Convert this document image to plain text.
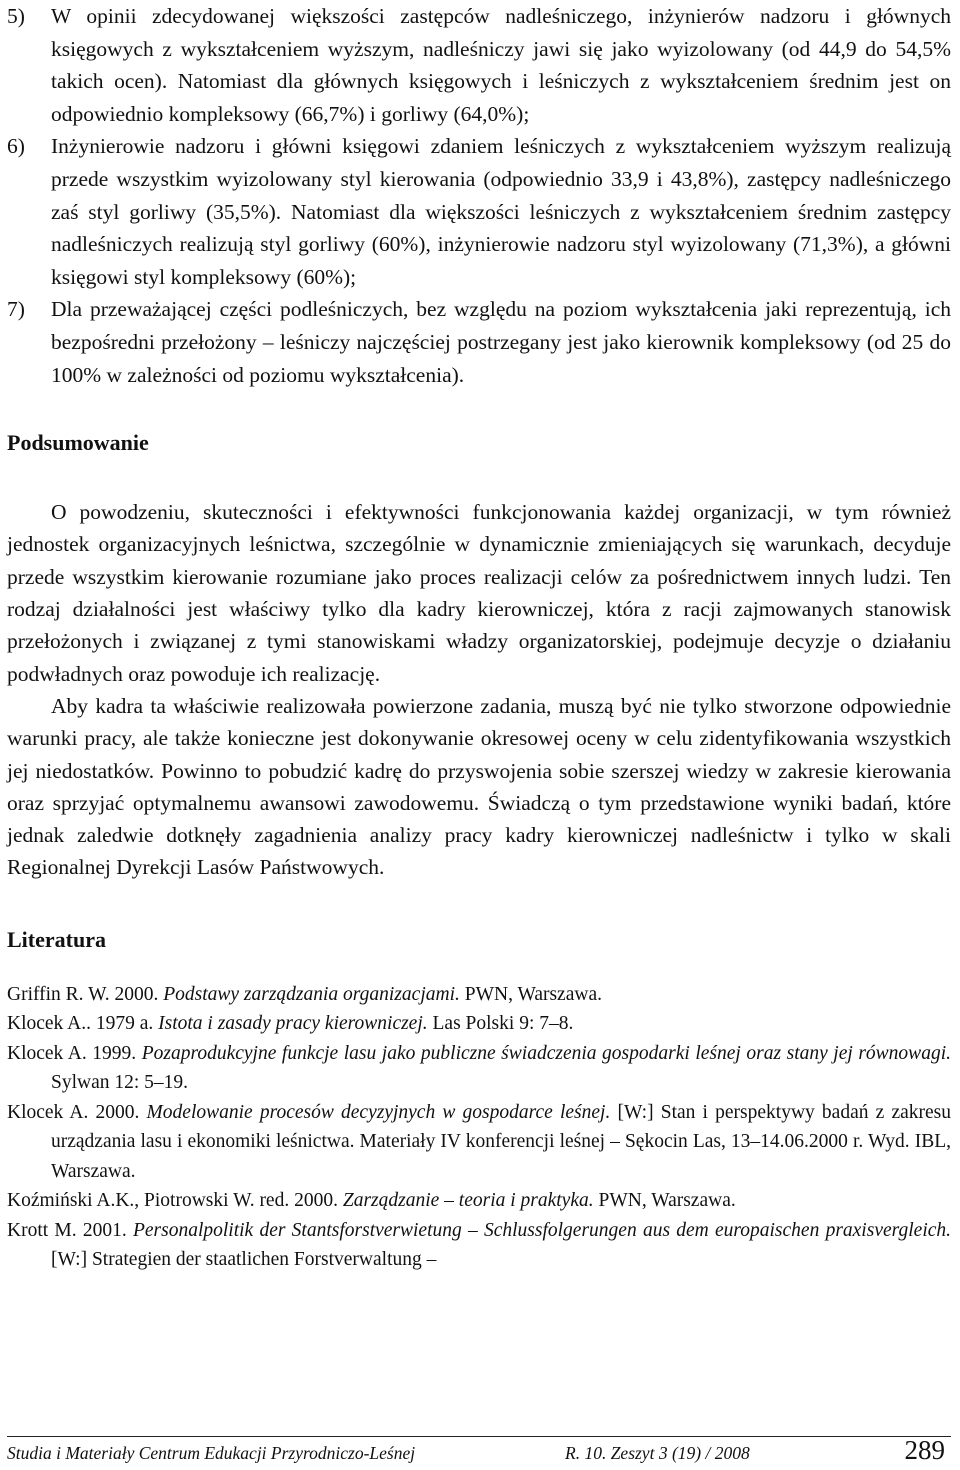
5) W opinii zdecydowanej większości zastępców nadleśniczego, inżynierów nadzoru i głównych księgowych z wykształceniem wyższym, nadleśniczy jawi się jako wyizolowany (od 44,9 do 54,5% takich ocen). Natomiast dla głównych księgowych i leśniczych z wykształceniem średnim jest on odpowiednio kompleksowy (66,7%) i gorliwy (64,0%);
6) Inżynierowie nadzoru i główni księgowi zdaniem leśniczych z wykształceniem wyższym realizują przede wszystkim wyizolowany styl kierowania (odpowiednio 33,9 i 43,8%), zastępcy nadleśniczego zaś styl gorliwy (35,5%). Natomiast dla większości leśniczych z wykształceniem średnim zastępcy nadleśniczych realizują styl gorliwy (60%), inżynierowie nadzoru styl wyizolowany (71,3%), a główni księgowi styl kompleksowy (60%);
7) Dla przeważającej części podleśniczych, bez względu na poziom wykształcenia jaki reprezentują, ich bezpośredni przełożony – leśniczy najczęściej postrzegany jest jako kierownik kompleksowy (od 25 do 100% w zależności od poziomu wykształcenia).
Podsumowanie

O powodzeniu, skuteczności i efektywności funkcjonowania każdej organizacji, w tym również jednostek organizacyjnych leśnictwa, szczególnie w dynamicznie zmieniających się warunkach, decyduje przede wszystkim kierowanie rozumiane jako proces realizacji celów za pośrednictwem innych ludzi. Ten rodzaj działalności jest właściwy tylko dla kadry kierowniczej, która z racji zajmowanych stanowisk przełożonych i związanej z tymi stanowiskami władzy organizatorskiej, podejmuje decyzje o działaniu podwładnych oraz powoduje ich realizację.

Aby kadra ta właściwie realizowała powierzone zadania, muszą być nie tylko stworzone odpowiednie warunki pracy, ale także konieczne jest dokonywanie okresowej oceny w celu zidentyfikowania wszystkich jej niedostatków. Powinno to pobudzić kadrę do przyswojenia sobie szerszej wiedzy w zakresie kierowania oraz sprzyjać optymalnemu awansowi zawodowemu. Świadczą o tym przedstawione wyniki badań, które jednak zaledwie dotknęły zagadnienia analizy pracy kadry kierowniczej nadleśnictw i tylko w skali Regionalnej Dyrekcji Lasów Państwowych.

Literatura
Griffin R. W. 2000. Podstawy zarządzania organizacjami. PWN, Warszawa.
Klocek A.. 1979 a. Istota i zasady pracy kierowniczej. Las Polski 9: 7–8.
Klocek A. 1999. Pozaprodukcyjne funkcje lasu jako publiczne świadczenia gospodarki leśnej oraz stany jej równowagi. Sylwan 12: 5–19.
Klocek A. 2000. Modelowanie procesów decyzyjnych w gospodarce leśnej. [W:] Stan i perspektywy badań z zakresu urządzania lasu i ekonomiki leśnictwa. Materiały IV konferencji leśnej – Sękocin Las, 13–14.06.2000 r. Wyd. IBL, Warszawa.
Koźmiński A.K., Piotrowski W. red. 2000. Zarządzanie – teoria i praktyka. PWN, Warszawa.
Krott M. 2001. Personalpolitik der Stantsforstverwietung – Schlussfolgerungen aus dem europaischen praxisvergleich. [W:] Strategien der staatlichen Forstverwaltung –
Studia i Materiały Centrum Edukacji Przyrodniczo-Leśnej	R. 10. Zeszyt 3 (19) / 2008	289
